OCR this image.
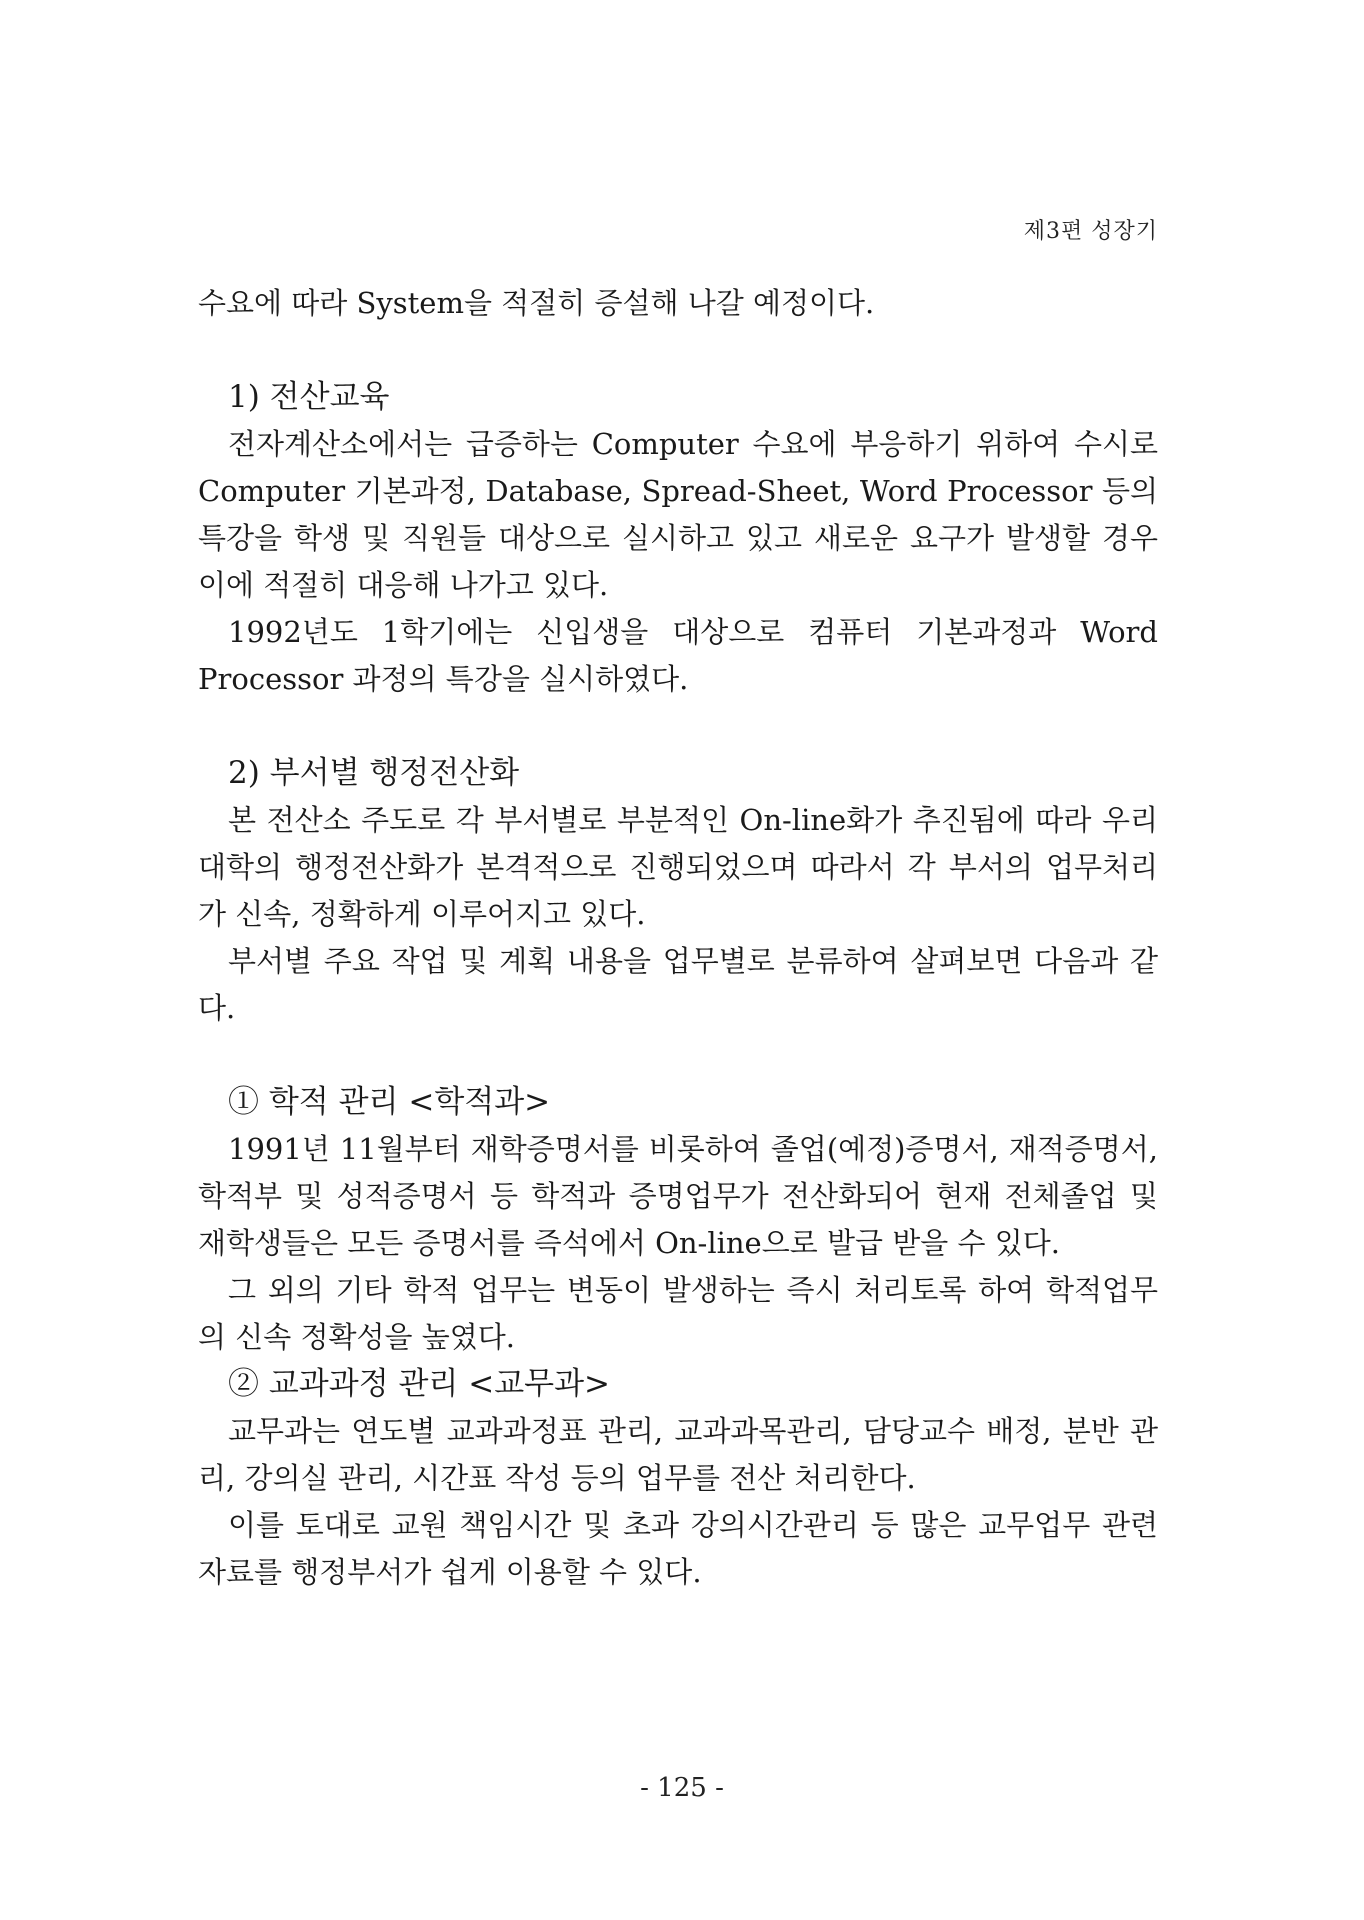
제3편 성장기

수요에 따라 System을 적절히 증설해 나갈 예정이다.

1) 전산교육

전자계산소에서는 급증하는 Computer 수요에 부응하기 위하여 수시로 Computer 기본과정, Database, Spread-Sheet, Word Processor 등의 특강을 학생 및 직원들 대상으로 실시하고 있고 새로운 요구가 발생할 경우 이에 적절히 대응해 나가고 있다.

1992년도 1학기에는 신입생을 대상으로 컴퓨터 기본과정과 Word Processor 과정의 특강을 실시하였다.

2) 부서별 행정전산화

본 전산소 주도로 각 부서별로 부분적인 On-line화가 추진됨에 따라 우리대학의 행정전산화가 본격적으로 진행되었으며 따라서 각 부서의 업무처리가 신속, 정확하게 이루어지고 있다.

부서별 주요 작업 및 계획 내용을 업무별로 분류하여 살펴보면 다음과 같다.

① 학적 관리 <학적과>

1991년 11월부터 재학증명서를 비롯하여 졸업(예정)증명서, 재적증명서, 학적부 및 성적증명서 등 학적과 증명업무가 전산화되어 현재 전체졸업 및 재학생들은 모든 증명서를 즉석에서 On-line으로 발급 받을 수 있다.

그 외의 기타 학적 업무는 변동이 발생하는 즉시 처리토록 하여 학적업무의 신속 정확성을 높였다.

② 교과과정 관리 <교무과>

교무과는 연도별 교과과정표 관리, 교과과목관리, 담당교수 배정, 분반 관리, 강의실 관리, 시간표 작성 등의 업무를 전산 처리한다.

이를 토대로 교원 책임시간 및 초과 강의시간관리 등 많은 교무업무 관련자료를 행정부서가 쉽게 이용할 수 있다.

- 125 -
